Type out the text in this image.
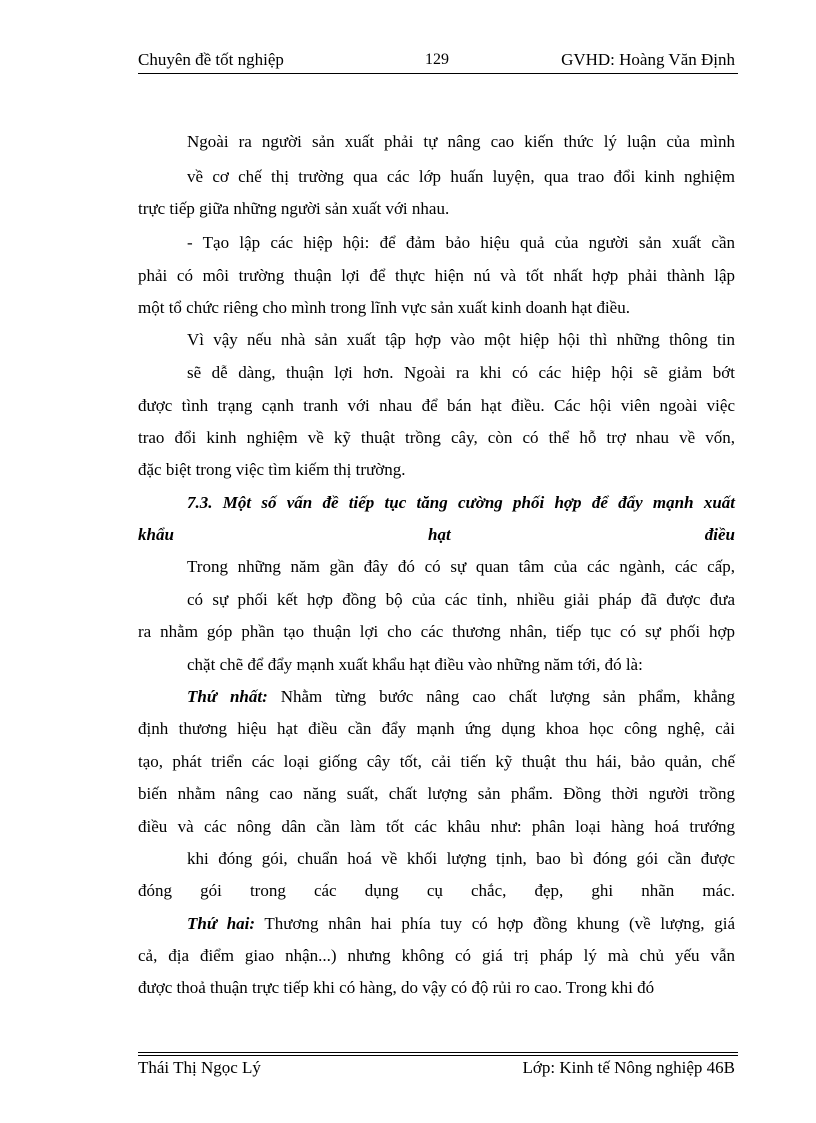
Chuyên đề tốt nghiệp	129	GVHD: Hoàng Văn Định
Ngoài ra người sản xuất phải tự nâng cao kiến thức lý luận của mình
về cơ chế thị trường qua các lớp huấn luyện, qua trao đổi kinh nghiệm
trực tiếp giữa những người sản xuất với nhau.
- Tạo lập các hiệp hội: để đảm bảo hiệu quả của người sản xuất cần
phải có môi trường thuận lợi để thực hiện nú và tốt nhất hợp phải thành lập
một tổ chức riêng cho mình trong lĩnh vực sản xuất kinh doanh hạt điều.
Vì vậy nếu nhà sản xuất tập hợp vào một hiệp hội thì những thông tin
sẽ dễ dàng, thuận lợi hơn. Ngoài ra khi có các hiệp hội sẽ giảm bớt
được tình trạng cạnh tranh với nhau để bán hạt điều. Các hội viên ngoài việc
trao đổi kinh nghiệm về kỹ thuật trồng cây, còn có thể hỗ trợ nhau về vốn,
đặc biệt trong việc tìm kiếm thị trường.
7.3. Một số vấn đề tiếp tục tăng cường phối hợp để đẩy mạnh xuất
khẩu hạt điều
Trong những năm gần đây đó có sự quan tâm của các ngành, các cấp,
có sự phối kết hợp đồng bộ của các tỉnh, nhiều giải pháp đã được đưa
ra nhằm góp phần tạo thuận lợi cho các thương nhân, tiếp tục có sự phối hợp
chặt chẽ để đẩy mạnh xuất khẩu hạt điều vào những năm tới, đó là:
Thứ nhất: Nhằm từng bước nâng cao chất lượng sản phẩm, khẳng
định thương hiệu hạt điều cần đẩy mạnh ứng dụng khoa học công nghệ, cải
tạo, phát triển các loại giống cây tốt, cải tiến kỹ thuật thu hái, bảo quản, chế
biến nhằm nâng cao năng suất, chất lượng sản phẩm. Đồng thời người trồng
điều và các nông dân cần làm tốt các khâu như: phân loại hàng hoá trướng
khi đóng gói, chuẩn hoá về khối lượng tịnh, bao bì đóng gói cần được
đóng gói trong các dụng cụ chắc, đẹp, ghi nhãn mác.
Thứ hai: Thương nhân hai phía tuy có hợp đồng khung (về lượng, giá
cả, địa điểm giao nhận...) nhưng không có giá trị pháp lý mà chủ yếu vẫn
được thoả thuận trực tiếp khi có hàng, do vậy có độ rủi ro cao. Trong khi đó
Thái Thị Ngọc Lý	Lớp: Kinh tế Nông nghiệp 46B
